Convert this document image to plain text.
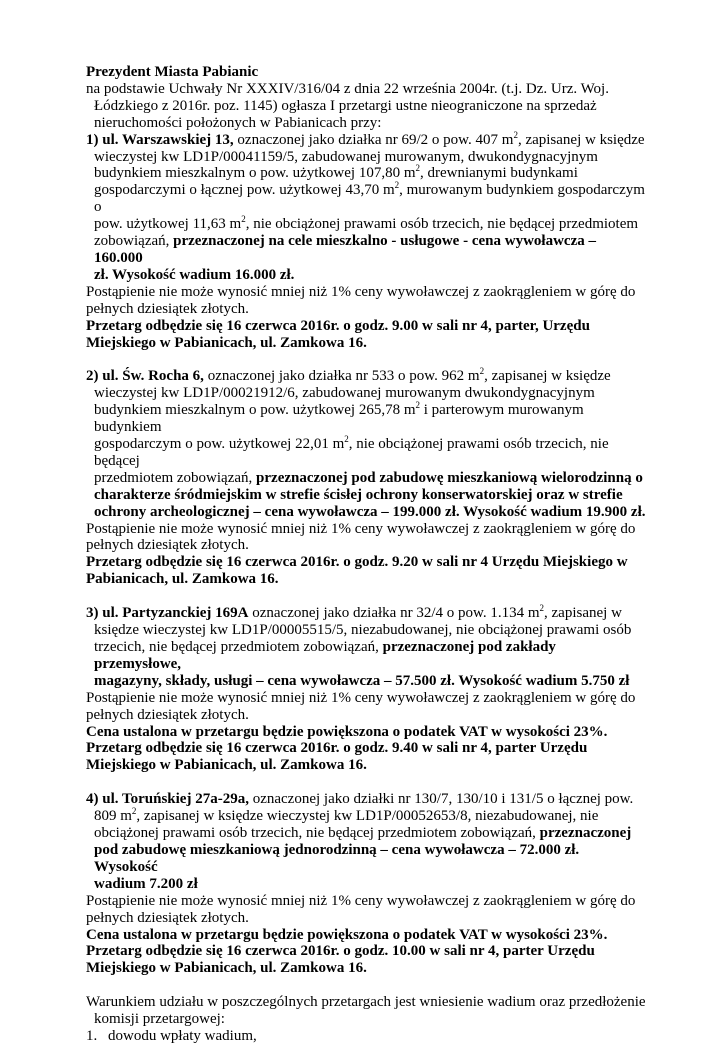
Prezydent Miasta Pabianic

na podstawie Uchwały Nr XXXIV/316/04 z dnia 22 września 2004r. (t.j. Dz. Urz. Woj.

Łódzkiego z 2016r. poz. 1145) ogłasza I przetargi ustne nieograniczone na sprzedaż

nieruchomości położonych w Pabianicach przy:

1) ul. Warszawskiej 13, oznaczonej jako działka nr 69/2 o pow. 407 $m^2$, zapisanej w księdze

wieczystej kw LD1P/00041159/5, zabudowanej murowanym, dwukondygnacyjnym

budynkiem mieszkalnym o pow. użytkowej 107,80 $m^2$, drewnianymi budynkami

gospodarczymi o łącznej pow. użytkowej 43,70 $m^2$, murowanym budynkiem gospodarczym o

pow. użytkowej 11,63 $m^2$, nie obciążonej prawami osób trzecich, nie będącej przedmiotem

zobowiązań, przeznaczonej na cele mieszkalno - usługowe - cena wywoławcza – 160.000

zł. Wysokość wadium 16.000 zł.

Postąpienie nie może wynosić mniej niż 1% ceny wywoławczej z zaokrągleniem w górę do

pełnych dziesiątek złotych.

Przetarg odbędzie się 16 czerwca 2016r. o godz. 9.00 w sali nr 4, parter, Urzędu

Miejskiego w Pabianicach, ul. Zamkowa 16.

2) ul. Św. Rocha 6, oznaczonej jako działka nr 533 o pow. 962 $m^2$, zapisanej w księdze

wieczystej kw LD1P/00021912/6, zabudowanej murowanym dwukondygnacyjnym

budynkiem mieszkalnym o pow. użytkowej 265,78 $m^2$ i parterowym murowanym budynkiem

gospodarczym o pow. użytkowej 22,01 $m^2$, nie obciążonej prawami osób trzecich, nie będącej

przedmiotem zobowiązań, przeznaczonej pod zabudowę mieszkaniową wielorodzinną o

charakterze śródmiejskim w strefie ścisłej ochrony konserwatorskiej oraz w strefie

ochrony archeologicznej – cena wywoławcza – 199.000 zł. Wysokość wadium 19.900 zł.

Postąpienie nie może wynosić mniej niż 1% ceny wywoławczej z zaokrągleniem w górę do

pełnych dziesiątek złotych.

Przetarg odbędzie się 16 czerwca 2016r. o godz. 9.20 w sali nr 4 Urzędu Miejskiego w

Pabianicach, ul. Zamkowa 16.

3) ul. Partyzanckiej 169A oznaczonej jako działka nr 32/4 o pow. 1.134 $m^2$, zapisanej w

księdze wieczystej kw LD1P/00005515/5, niezabudowanej, nie obciążonej prawami osób

trzecich, nie będącej przedmiotem zobowiązań, przeznaczonej pod zakłady przemysłowe,

magazyny, składy, usługi – cena wywoławcza – 57.500 zł. Wysokość wadium 5.750 zł

Postąpienie nie może wynosić mniej niż 1% ceny wywoławczej z zaokrągleniem w górę do

pełnych dziesiątek złotych.

Cena ustalona w przetargu będzie powiększona o podatek VAT w wysokości 23%.

Przetarg odbędzie się 16 czerwca 2016r. o godz. 9.40 w sali nr 4, parter Urzędu

Miejskiego w Pabianicach, ul. Zamkowa 16.

4) ul. Toruńskiej 27a-29a, oznaczonej jako działki nr 130/7, 130/10 i 131/5 o łącznej pow.

809 $m^2$, zapisanej w księdze wieczystej kw LD1P/00052653/8, niezabudowanej, nie

obciążonej prawami osób trzecich, nie będącej przedmiotem zobowiązań, przeznaczonej

pod zabudowę mieszkaniową jednorodzinną – cena wywoławcza – 72.000 zł. Wysokość

wadium 7.200 zł

Postąpienie nie może wynosić mniej niż 1% ceny wywoławczej z zaokrągleniem w górę do

pełnych dziesiątek złotych.

Cena ustalona w przetargu będzie powiększona o podatek VAT w wysokości 23%.

Przetarg odbędzie się 16 czerwca 2016r. o godz. 10.00 w sali nr 4, parter Urzędu

Miejskiego w Pabianicach, ul. Zamkowa 16.

Warunkiem udziału w poszczególnych przetargach jest wniesienie wadium oraz przedłożenie

komisji przetargowej:

1. dowodu wpłaty wadium,
